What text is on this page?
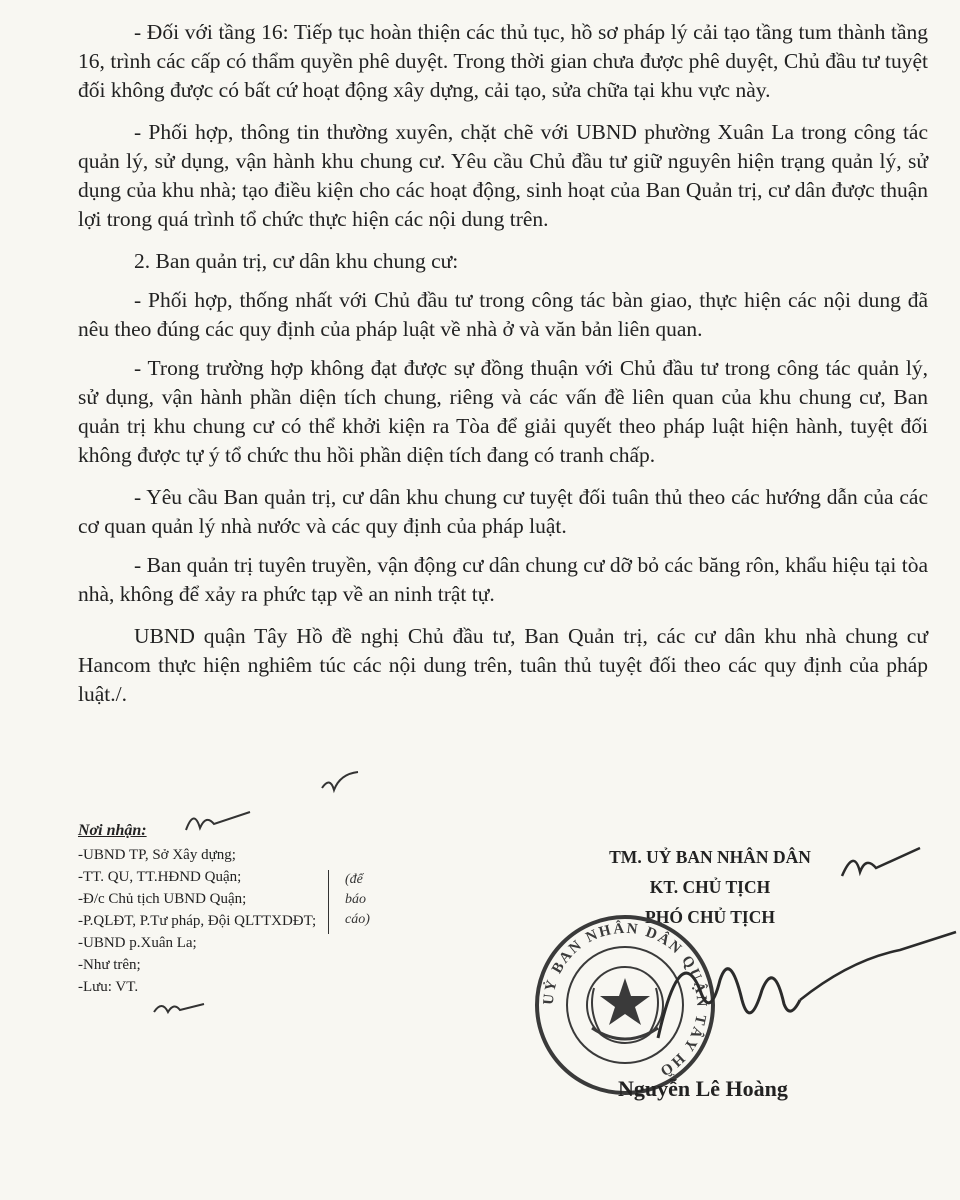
- Đối với tầng 16: Tiếp tục hoàn thiện các thủ tục, hồ sơ pháp lý cải tạo tầng tum thành tầng 16, trình các cấp có thẩm quyền phê duyệt. Trong thời gian chưa được phê duyệt, Chủ đầu tư tuyệt đối không được có bất cứ hoạt động xây dựng, cải tạo, sửa chữa tại khu vực này.

- Phối hợp, thông tin thường xuyên, chặt chẽ với UBND phường Xuân La trong công tác quản lý, sử dụng, vận hành khu chung cư. Yêu cầu Chủ đầu tư giữ nguyên hiện trạng quản lý, sử dụng của khu nhà; tạo điều kiện cho các hoạt động, sinh hoạt của Ban Quản trị, cư dân được thuận lợi trong quá trình tổ chức thực hiện các nội dung trên.

2. Ban quản trị, cư dân khu chung cư:

- Phối hợp, thống nhất với Chủ đầu tư trong công tác bàn giao, thực hiện các nội dung đã nêu theo đúng các quy định của pháp luật về nhà ở và văn bản liên quan.

- Trong trường hợp không đạt được sự đồng thuận với Chủ đầu tư trong công tác quản lý, sử dụng, vận hành phần diện tích chung, riêng và các vấn đề liên quan của khu chung cư, Ban quản trị khu chung cư có thể khởi kiện ra Tòa để giải quyết theo pháp luật hiện hành, tuyệt đối không được tự ý tổ chức thu hồi phần diện tích đang có tranh chấp.

- Yêu cầu Ban quản trị, cư dân khu chung cư tuyệt đối tuân thủ theo các hướng dẫn của các cơ quan quản lý nhà nước và các quy định của pháp luật.

- Ban quản trị tuyên truyền, vận động cư dân chung cư dỡ bỏ các băng rôn, khẩu hiệu tại tòa nhà, không để xảy ra phức tạp về an ninh trật tự.

UBND quận Tây Hồ đề nghị Chủ đầu tư, Ban Quản trị, các cư dân khu nhà chung cư Hancom thực hiện nghiêm túc các nội dung trên, tuân thủ tuyệt đối theo các quy định của pháp luật./.

Nơi nhận:
-UBND TP, Sở Xây dựng;
-TT. QU, TT.HĐND Quận;
-Đ/c Chủ tịch UBND Quận;
-P.QLĐT, P.Tư pháp, Đội QLTTXDĐT;
-UBND p.Xuân La;
-Như trên;
-Lưu: VT.
(để
báo
cáo)
TM. UỶ BAN NHÂN DÂN
KT. CHỦ TỊCH
PHÓ CHỦ TỊCH
UỶ BAN NHÂN DÂN QUẬN TÂY HỒ
Nguyễn Lê Hoàng
